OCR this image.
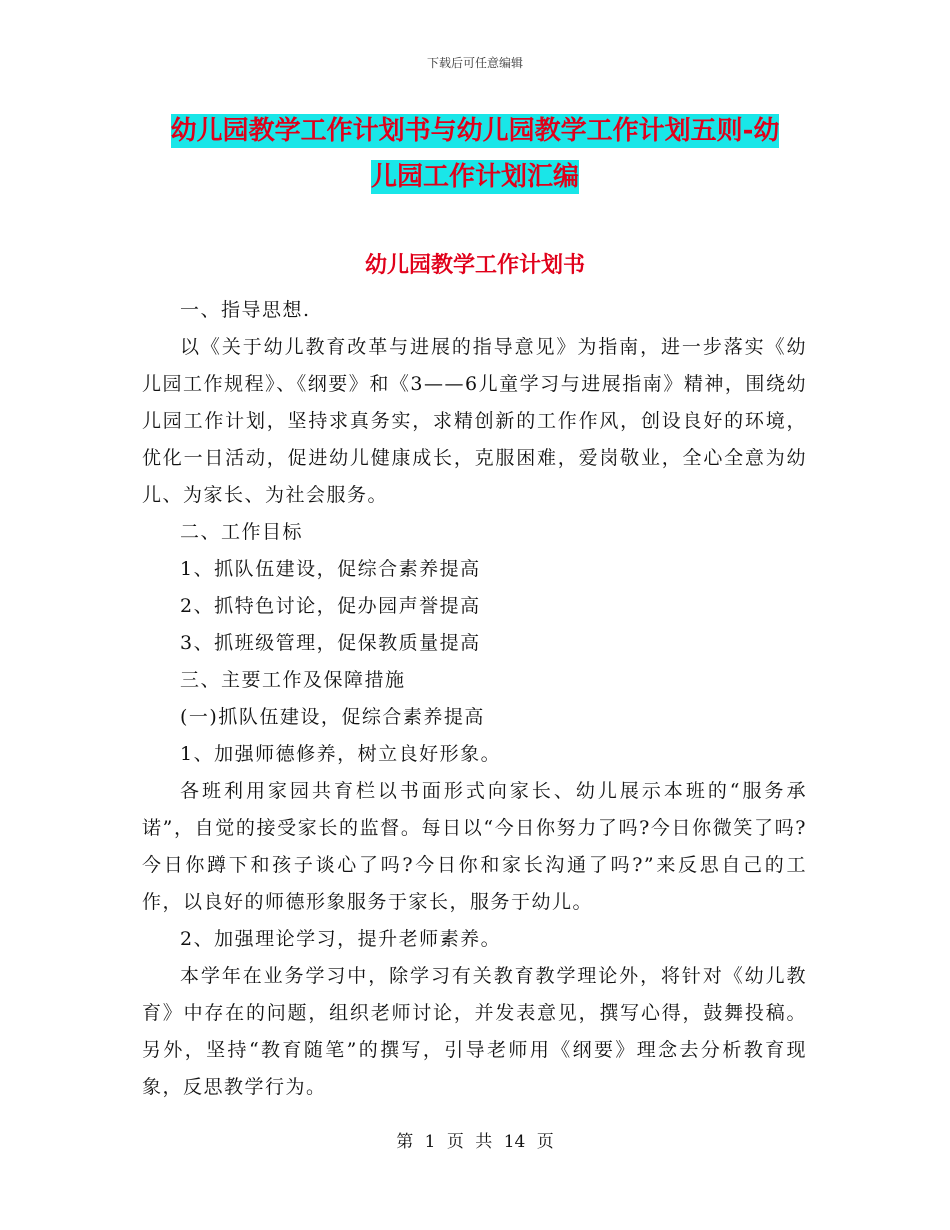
下载后可任意编辑
幼儿园教学工作计划书与幼儿园教学工作计划五则-幼
儿园工作计划汇编
幼儿园教学工作计划书

一、指导思想.

以《关于幼儿教育改革与进展的指导意见》为指南，进一步落实《幼儿园工作规程》、《纲要》和《3——6儿童学习与进展指南》精神，围绕幼儿园工作计划，坚持求真务实，求精创新的工作作风，创设良好的环境，优化一日活动，促进幼儿健康成长，克服困难，爱岗敬业，全心全意为幼儿、为家长、为社会服务。

二、工作目标

1、抓队伍建设，促综合素养提高

2、抓特色讨论，促办园声誉提高

3、抓班级管理，促保教质量提高

三、主要工作及保障措施

(一)抓队伍建设，促综合素养提高

1、加强师德修养，树立良好形象。

各班利用家园共育栏以书面形式向家长、幼儿展示本班的“服务承诺”，自觉的接受家长的监督。每日以“今日你努力了吗?今日你微笑了吗?今日你蹲下和孩子谈心了吗?今日你和家长沟通了吗?”来反思自己的工作，以良好的师德形象服务于家长，服务于幼儿。

2、加强理论学习，提升老师素养。

本学年在业务学习中，除学习有关教育教学理论外，将针对《幼儿教育》中存在的问题，组织老师讨论，并发表意见，撰写心得，鼓舞投稿。另外，坚持“教育随笔”的撰写，引导老师用《纲要》理念去分析教育现象，反思教学行为。

第 1 页 共 14 页
